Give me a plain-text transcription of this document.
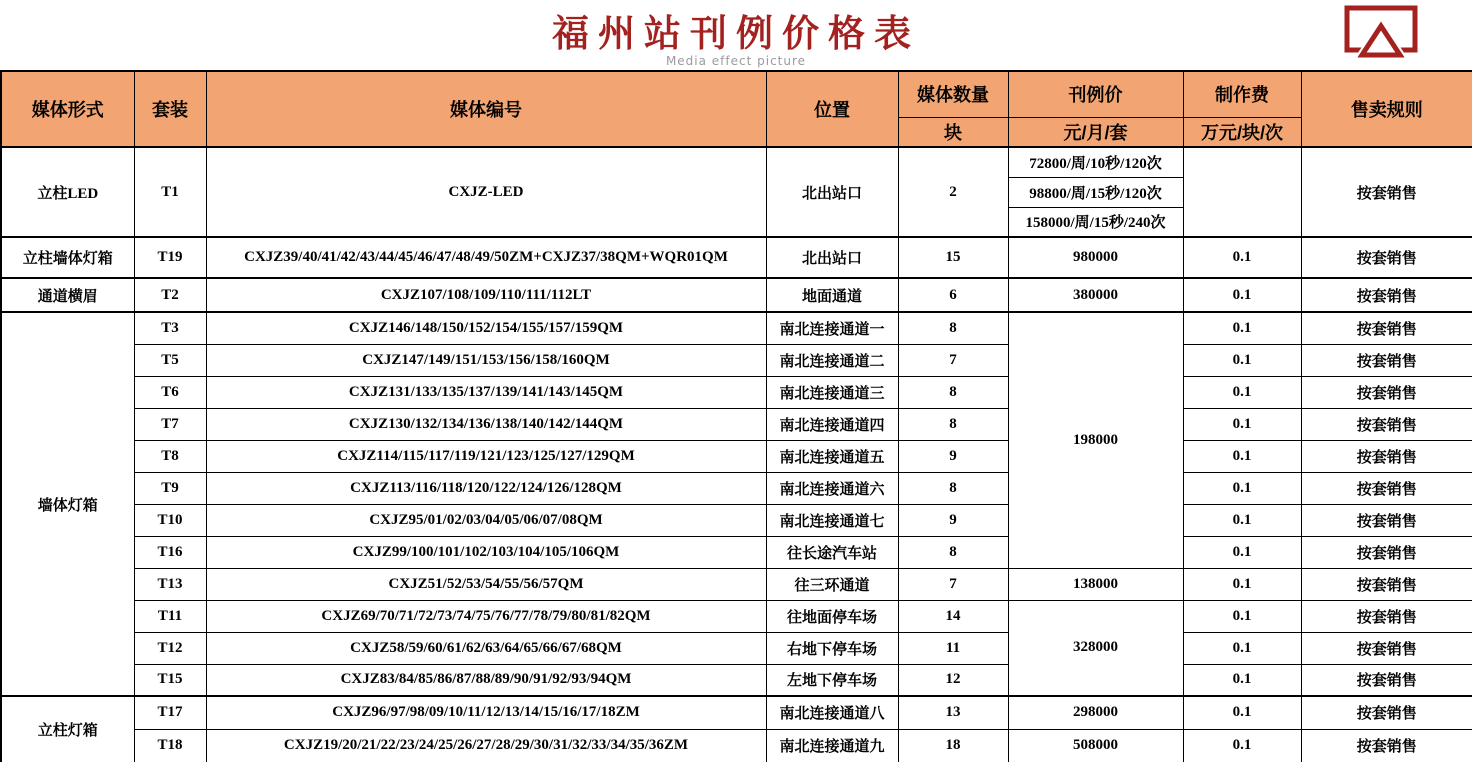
福州站刊例价格表
Media effect picture
媒体形式	套装	媒体编号	位置	媒体数量	刊例价	制作费	售卖规则
				块	元/月/套	万元/块/次	
立柱LED	T1	CXJZ-LED	北出站口	2	72800/周/10秒/120次		按套销售
					98800/周/15秒/120次		
					158000/周/15秒/240次		
立柱墙体灯箱	T19	CXJZ39/40/41/42/43/44/45/46/47/48/49/50ZM+CXJZ37/38QM+WQR01QM	北出站口	15	980000	0.1	按套销售
通道横眉	T2	CXJZ107/108/109/110/111/112LT	地面通道	6	380000	0.1	按套销售
墙体灯箱	T3	CXJZ146/148/150/152/154/155/157/159QM	南北连接通道一	8	198000	0.1	按套销售
	T5	CXJZ147/149/151/153/156/158/160QM	南北连接通道二	7		0.1	按套销售
	T6	CXJZ131/133/135/137/139/141/143/145QM	南北连接通道三	8		0.1	按套销售
	T7	CXJZ130/132/134/136/138/140/142/144QM	南北连接通道四	8		0.1	按套销售
	T8	CXJZ114/115/117/119/121/123/125/127/129QM	南北连接通道五	9		0.1	按套销售
	T9	CXJZ113/116/118/120/122/124/126/128QM	南北连接通道六	8		0.1	按套销售
	T10	CXJZ95/01/02/03/04/05/06/07/08QM	南北连接通道七	9		0.1	按套销售
	T16	CXJZ99/100/101/102/103/104/105/106QM	往长途汽车站	8		0.1	按套销售
	T13	CXJZ51/52/53/54/55/56/57QM	往三环通道	7	138000	0.1	按套销售
	T11	CXJZ69/70/71/72/73/74/75/76/77/78/79/80/81/82QM	往地面停车场	14	328000	0.1	按套销售
	T12	CXJZ58/59/60/61/62/63/64/65/66/67/68QM	右地下停车场	11		0.1	按套销售
	T15	CXJZ83/84/85/86/87/88/89/90/91/92/93/94QM	左地下停车场	12		0.1	按套销售
立柱灯箱	T17	CXJZ96/97/98/09/10/11/12/13/14/15/16/17/18ZM	南北连接通道八	13	298000	0.1	按套销售
	T18	CXJZ19/20/21/22/23/24/25/26/27/28/29/30/31/32/33/34/35/36ZM	南北连接通道九	18	508000	0.1	按套销售
